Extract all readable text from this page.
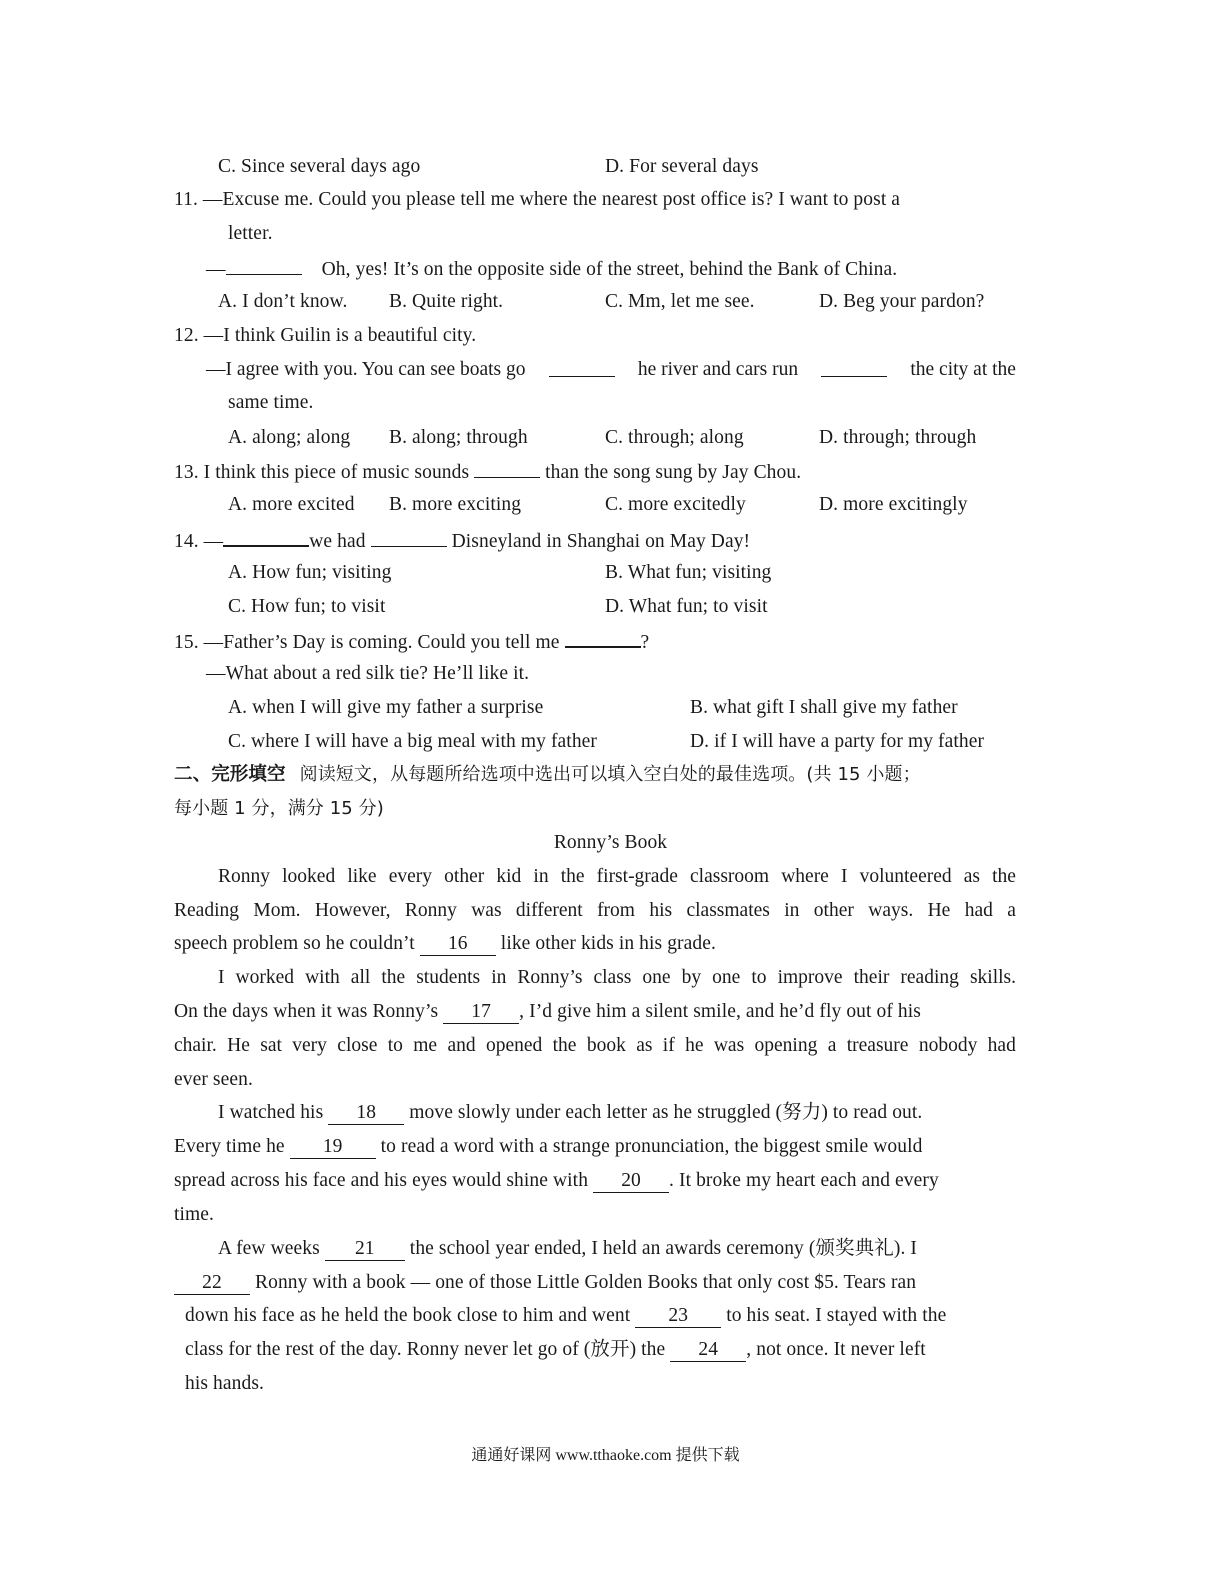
C. Since several days ago	D. For several days
11. —Excuse me. Could you please tell me where the nearest post office is? I want to post a
letter.
—	Oh, yes! It’s on the opposite side of the street, behind the Bank of China.
A. I don’t know. B. Quite right.	C. Mm, let me see.	D. Beg your pardon?
12. —I think Guilin is a beautiful city.
—I agree with you. You can see boats go	he river and cars run	the city at the
same time.
A. along; along B. along; through	C. through; along	D. through; through
13. I think this piece of music sounds	than the song sung by Jay Chou.
A. more excited B. more exciting	C. more excitedly	D. more excitingly
14. —	we had	Disneyland in Shanghai on May Day!
A. How fun; visiting	B. What fun; visiting
C. How fun; to visit	D. What fun; to visit
15. —Father’s Day is coming. Could you tell me	?
—What about a red silk tie? He’ll like it.
A. when I will give my father a surprise	B. what gift I shall give my father
C. where I will have a big meal with my father	D. if I will have a party for my father
二、完形填空 阅读短文，从每题所给选项中选出可以填入空白处的最佳选项。(共 15 小题；
每小题 1 分，满分 15 分)
Ronny’s Book
Ronny looked like every other kid in the first-grade classroom where I volunteered as the
Reading Mom. However, Ronny was different from his classmates in other ways. He had a
speech problem so he couldn’t 16 like other kids in his grade.
I worked with all the students in Ronny’s class one by one to improve their reading skills.
On the days when it was Ronny’s 17 , I’d give him a silent smile, and he’d fly out of his
chair. He sat very close to me and opened the book as if he was opening a treasure nobody had
ever seen.
I watched his 18 move slowly under each letter as he struggled (努力) to read out.
Every time he 19 to read a word with a strange pronunciation, the biggest smile would
spread across his face and his eyes would shine with 20 . It broke my heart each and every
time.
A few weeks 21 the school year ended, I held an awards ceremony (颁奖典礼). I
22 Ronny with a book — one of those Little Golden Books that only cost $5. Tears ran
down his face as he held the book close to him and went 23 to his seat. I stayed with the
class for the rest of the day. Ronny never let go of (放开) the 24 , not once. It never left
his hands.
通通好课网 www.tthaoke.com 提供下载
